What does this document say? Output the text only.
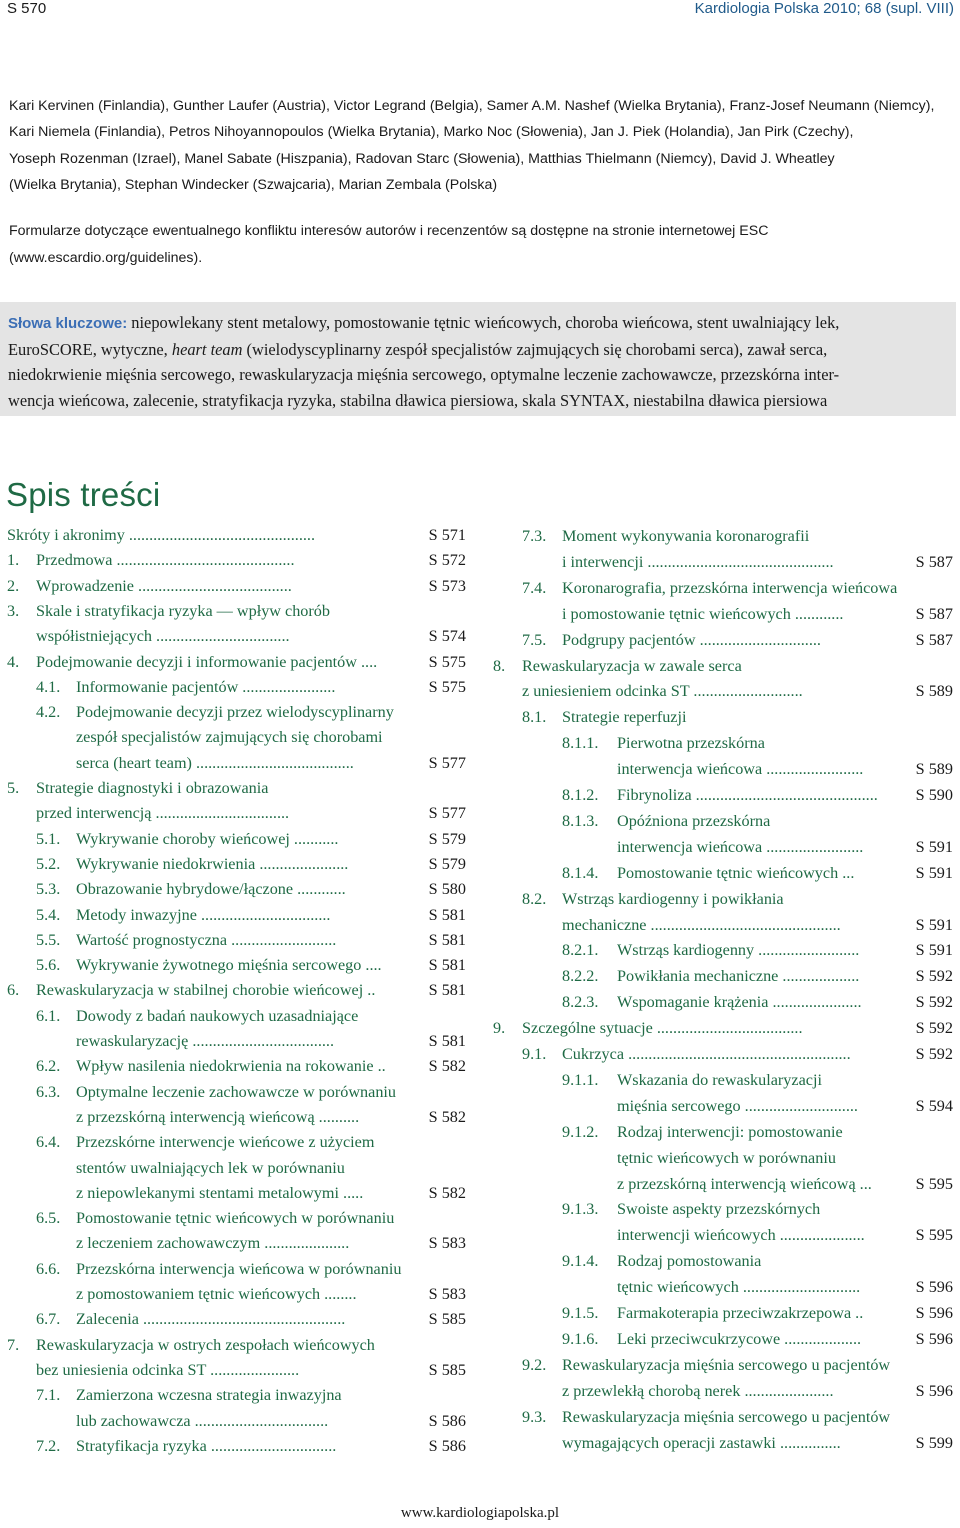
S 570	Kardiologia Polska 2010; 68 (supl. VIII)
Kari Kervinen (Finlandia), Gunther Laufer (Austria), Victor Legrand (Belgia), Samer A.M. Nashef (Wielka Brytania), Franz-Josef Neumann (Niemcy),
Kari Niemela (Finlandia), Petros Nihoyannopoulos (Wielka Brytania), Marko Noc (Słowenia), Jan J. Piek (Holandia), Jan Pirk (Czechy),
Yoseph Rozenman (Izrael), Manel Sabate (Hiszpania), Radovan Starc (Słowenia), Matthias Thielmann (Niemcy), David J. Wheatley
(Wielka Brytania), Stephan Windecker (Szwajcaria), Marian Zembala (Polska)
Formularze dotyczące ewentualnego konfliktu interesów autorów i recenzentów są dostępne na stronie internetowej ESC
(www.escardio.org/guidelines).
Słowa kluczowe: niepowlekany stent metalowy, pomostowanie tętnic wieńcowych, choroba wieńcowa, stent uwalniający lek,
EuroSCORE, wytyczne, heart team (wielodyscyplinarny zespół specjalistów zajmujących się chorobami serca), zawał serca,
niedokrwienie mięśnia sercowego, rewaskularyzacja mięśnia sercowego, optymalne leczenie zachowawcze, przezskórna inter-
wencja wieńcowa, zalecenie, stratyfikacja ryzyka, stabilna dławica piersiowa, skala SYNTAX, niestabilna dławica piersiowa
Spis treści
Skróty i akronimy ..............................................	S 571
1. Przedmowa ............................................	S 572
2. Wprowadzenie ......................................	S 573
3. Skale i stratyfikacja ryzyka — wpływ chorób
współistniejących .................................	S 574
4. Podejmowanie decyzji i informowanie pacjentów ....	S 575
4.1. Informowanie pacjentów .......................	S 575
4.2. Podejmowanie decyzji przez wielodyscyplinarny
zespół specjalistów zajmujących się chorobami
serca (heart team) .......................................	S 577
5. Strategie diagnostyki i obrazowania
przed interwencją .................................	S 577
5.1. Wykrywanie choroby wieńcowej ...........	S 579
5.2. Wykrywanie niedokrwienia ......................	S 579
5.3. Obrazowanie hybrydowe/łączone ............	S 580
5.4. Metody inwazyjne ................................	S 581
5.5. Wartość prognostyczna ..........................	S 581
5.6. Wykrywanie żywotnego mięśnia sercowego ....	S 581
6. Rewaskularyzacja w stabilnej chorobie wieńcowej ..	S 581
6.1. Dowody z badań naukowych uzasadniające
rewaskularyzację ...................................	S 581
6.2. Wpływ nasilenia niedokrwienia na rokowanie ..	S 582
6.3. Optymalne leczenie zachowawcze w porównaniu
z przezskórną interwencją wieńcową ..........	S 582
6.4. Przezskórne interwencje wieńcowe z użyciem
stentów uwalniających lek w porównaniu
z niepowlekanymi stentami metalowymi .....	S 582
6.5. Pomostowanie tętnic wieńcowych w porównaniu
z leczeniem zachowawczym .....................	S 583
6.6. Przezskórna interwencja wieńcowa w porównaniu
z pomostowaniem tętnic wieńcowych ........	S 583
6.7. Zalecenia ..................................................	S 585
7. Rewaskularyzacja w ostrych zespołach wieńcowych
bez uniesienia odcinka ST ......................	S 585
7.1. Zamierzona wczesna strategia inwazyjna
lub zachowawcza .................................	S 586
7.2. Stratyfikacja ryzyka ...............................	S 586
7.3. Moment wykonywania koronarografii
i interwencji ..............................................	S 587
7.4. Koronarografia, przezskórna interwencja wieńcowa
i pomostowanie tętnic wieńcowych ............	S 587
7.5. Podgrupy pacjentów ..............................	S 587
8. Rewaskularyzacja w zawale serca
z uniesieniem odcinka ST ...........................	S 589
8.1. Strategie reperfuzji
8.1.1. Pierwotna przezskórna
interwencja wieńcowa ........................	S 589
8.1.2. Fibrynoliza ............................................. S 590
8.1.3. Opóźniona przezskórna
interwencja wieńcowa ........................	S 591
8.1.4. Pomostowanie tętnic wieńcowych ...	S 591
8.2. Wstrząs kardiogenny i powikłania
mechaniczne ...............................................	S 591
8.2.1. Wstrząs kardiogenny .........................	S 591
8.2.2. Powikłania mechaniczne ...................	S 592
8.2.3. Wspomaganie krążenia ......................	S 592
9. Szczególne sytuacje ....................................	S 592
9.1. Cukrzyca .......................................................	S 592
9.1.1. Wskazania do rewaskularyzacji
mięśnia sercowego ............................	S 594
9.1.2. Rodzaj interwencji: pomostowanie
tętnic wieńcowych w porównaniu
z przezskórną interwencją wieńcową ...	S 595
9.1.3. Swoiste aspekty przezskórnych
interwencji wieńcowych .....................	S 595
9.1.4. Rodzaj pomostowania
tętnic wieńcowych .............................	S 596
9.1.5. Farmakoterapia przeciwzakrzepowa ..	S 596
9.1.6. Leki przeciwcukrzycowe ...................	S 596
9.2. Rewaskularyzacja mięśnia sercowego u pacjentów
z przewlekłą chorobą nerek ......................	S 596
9.3. Rewaskularyzacja mięśnia sercowego u pacjentów
wymagających operacji zastawki ...............	S 599
www.kardiologiapolska.pl
